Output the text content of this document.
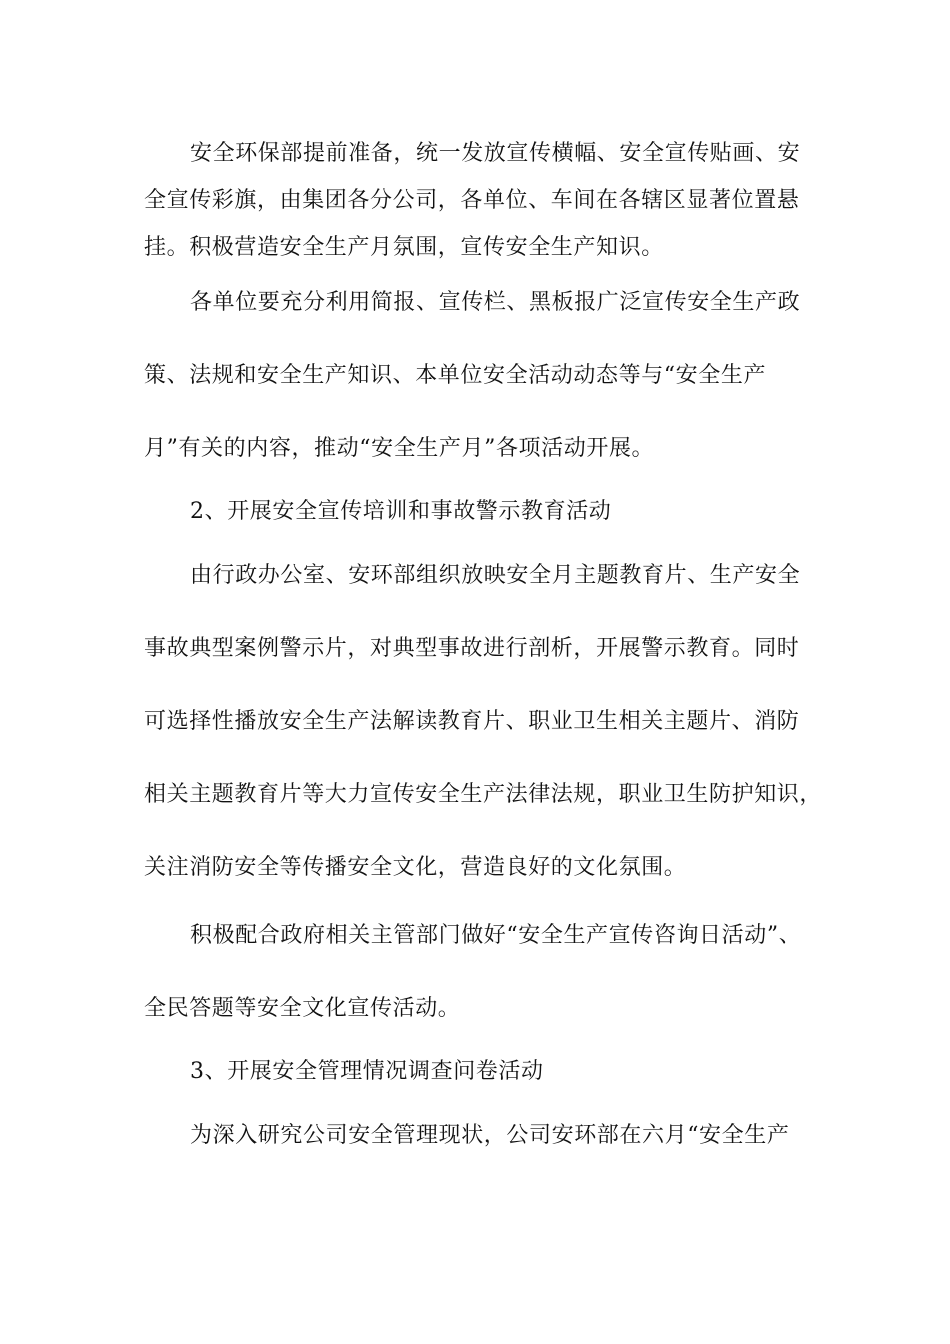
安全环保部提前准备，统一发放宣传横幅、安全宣传贴画、安
全宣传彩旗，由集团各分公司，各单位、车间在各辖区显著位置悬
挂。积极营造安全生产月氛围，宣传安全生产知识。
各单位要充分利用简报、宣传栏、黑板报广泛宣传安全生产政
策、法规和安全生产知识、本单位安全活动动态等与“安全生产
月”有关的内容，推动“安全生产月”各项活动开展。
2、开展安全宣传培训和事故警示教育活动
由行政办公室、安环部组织放映安全月主题教育片、生产安全
事故典型案例警示片，对典型事故进行剖析，开展警示教育。同时
可选择性播放安全生产法解读教育片、职业卫生相关主题片、消防
相关主题教育片等大力宣传安全生产法律法规，职业卫生防护知识，
关注消防安全等传播安全文化，营造良好的文化氛围。
积极配合政府相关主管部门做好“安全生产宣传咨询日活动”、
全民答题等安全文化宣传活动。
3、开展安全管理情况调查问卷活动
为深入研究公司安全管理现状，公司安环部在六月“安全生产
